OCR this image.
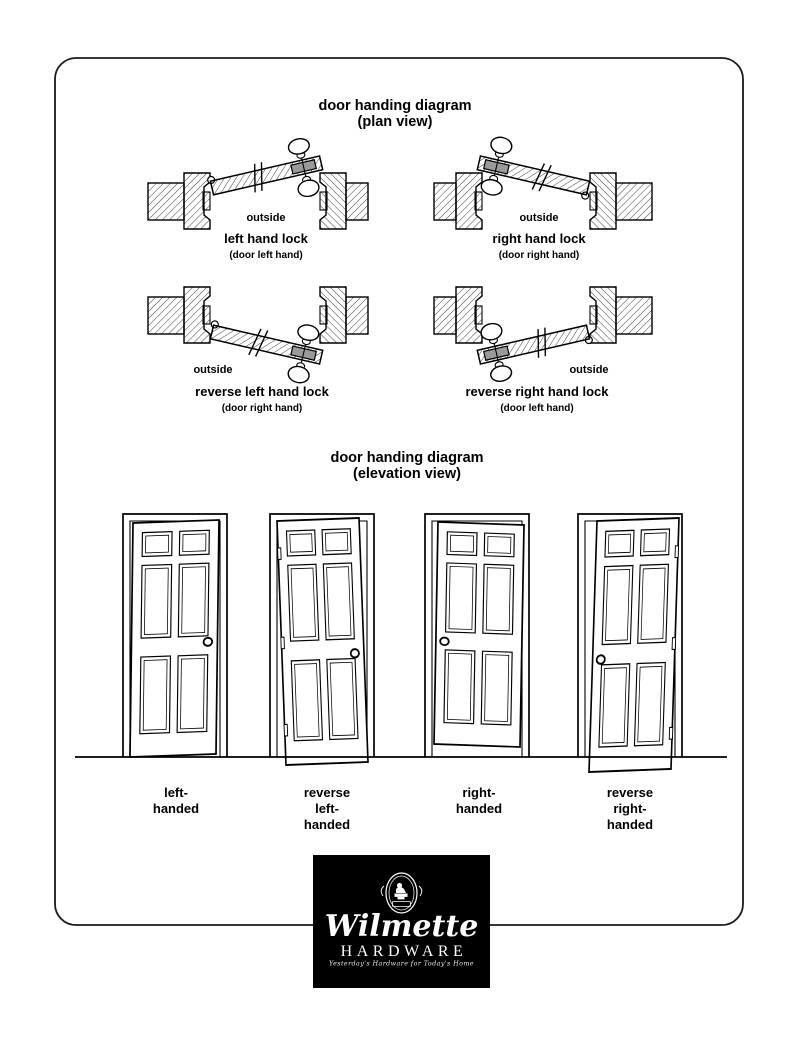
door handing diagram
(plan view)
outside
left hand lock
(door left hand)
outside
right hand lock
(door right hand)
outside
reverse left hand lock
(door right hand)
outside
reverse right hand lock
(door left hand)
door handing diagram
(elevation view)
left-
handed
reverse
left-
handed
right-
handed
reverse
right-
handed
Wilmette
HARDWARE
Yesterday's Hardware for Today's Home
